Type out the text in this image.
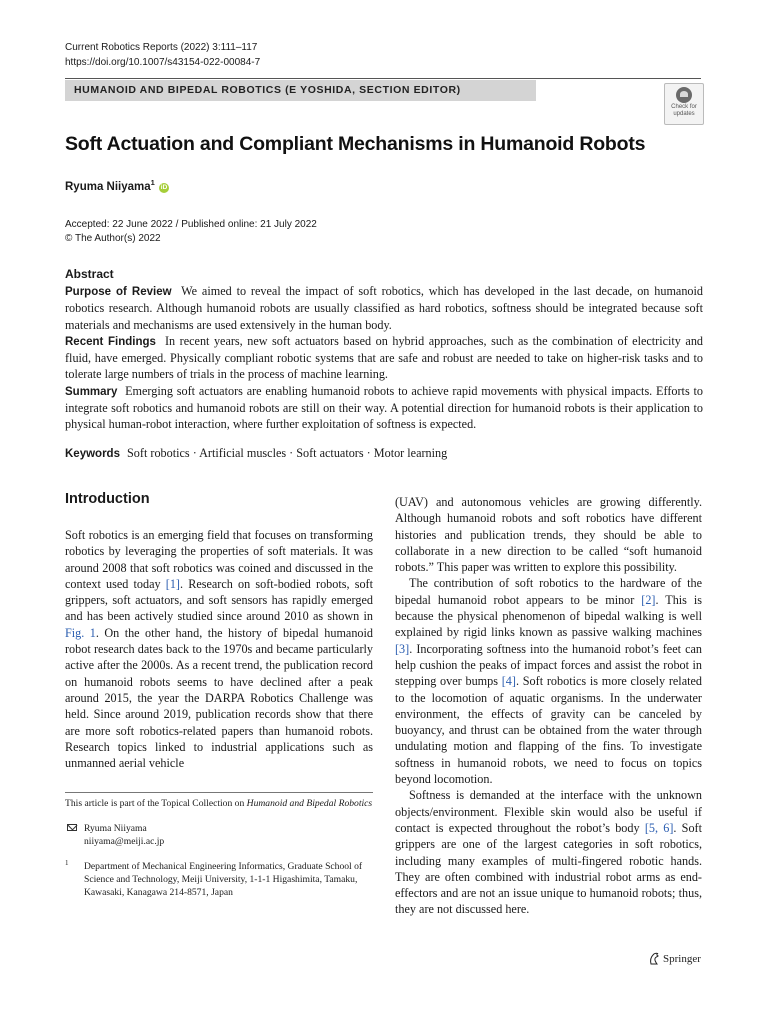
Current Robotics Reports (2022) 3:111–117
https://doi.org/10.1007/s43154-022-00084-7
HUMANOID AND BIPEDAL ROBOTICS (E YOSHIDA, SECTION EDITOR)
Check for
updates
Soft Actuation and Compliant Mechanisms in Humanoid Robots
Ryuma Niiyama$^1$ iD
Accepted: 22 June 2022 / Published online: 21 July 2022
© The Author(s) 2022
Abstract

Purpose of Review We aimed to reveal the impact of soft robotics, which has developed in the last decade, on humanoid robotics research. Although humanoid robots are usually classified as hard robotics, softness should be integrated because soft materials and mechanisms are used extensively in the human body.

Recent Findings In recent years, new soft actuators based on hybrid approaches, such as the combination of electricity and fluid, have emerged. Physically compliant robotic systems that are safe and robust are needed to take on higher-risk tasks and to tolerate large numbers of trials in the process of machine learning.

Summary Emerging soft actuators are enabling humanoid robots to achieve rapid movements with physical impacts. Efforts to integrate soft robotics and humanoid robots are still on their way. A potential direction for humanoid robots is their application to physical human-robot interaction, where further exploitation of softness is expected.

Keywords Soft robotics · Artificial muscles · Soft actuators · Motor learning
Introduction

Soft robotics is an emerging field that focuses on transforming robotics by leveraging the properties of soft materials. It was around 2008 that soft robotics was coined and discussed in the context used today [1]. Research on soft-bodied robots, soft grippers, soft actuators, and soft sensors has rapidly emerged and has been actively studied since around 2010 as shown in Fig. 1. On the other hand, the history of bipedal humanoid robot research dates back to the 1970s and became particularly active after the 2000s. As a recent trend, the publication record on humanoid robots seems to have declined after a peak around 2015, the year the DARPA Robotics Challenge was held. Since around 2019, publication records show that there are more soft robotics-related papers than humanoid robots. Research topics linked to industrial applications such as unmanned aerial vehicle

(UAV) and autonomous vehicles are growing differently. Although humanoid robots and soft robotics have different histories and publication trends, they should be able to collaborate in a new direction to be called “soft humanoid robots.” This paper was written to explore this possibility.

The contribution of soft robotics to the hardware of the bipedal humanoid robot appears to be minor [2]. This is because the physical phenomenon of bipedal walking is well explained by rigid links known as passive walking machines [3]. Incorporating softness into the humanoid robot’s feet can help cushion the peaks of impact forces and assist the robot in stepping over bumps [4]. Soft robotics is more closely related to the locomotion of aquatic organisms. In the underwater environment, the effects of gravity can be canceled by buoyancy, and thrust can be obtained from the water through undulating motion and flapping of the fins. To investigate softness in humanoid robots, we need to focus on topics beyond locomotion.

Softness is demanded at the interface with the unknown objects/environment. Flexible skin would also be useful if contact is expected throughout the robot’s body [5, 6]. Soft grippers are one of the largest categories in soft robotics, including many examples of multi-fingered robotic hands. They are often combined with industrial robot arms as end-effectors and are not an issue unique to humanoid robots; thus, they are not discussed here.

This article is part of the Topical Collection on Humanoid and Bipedal Robotics

Ryuma Niiyama
niiyama@meiji.ac.jp
1 Department of Mechanical Engineering Informatics, Graduate School of Science and Technology, Meiji University, 1-1-1 Higashimita, Tamaku, Kawasaki, Kanagawa 214-8571, Japan
Springer
